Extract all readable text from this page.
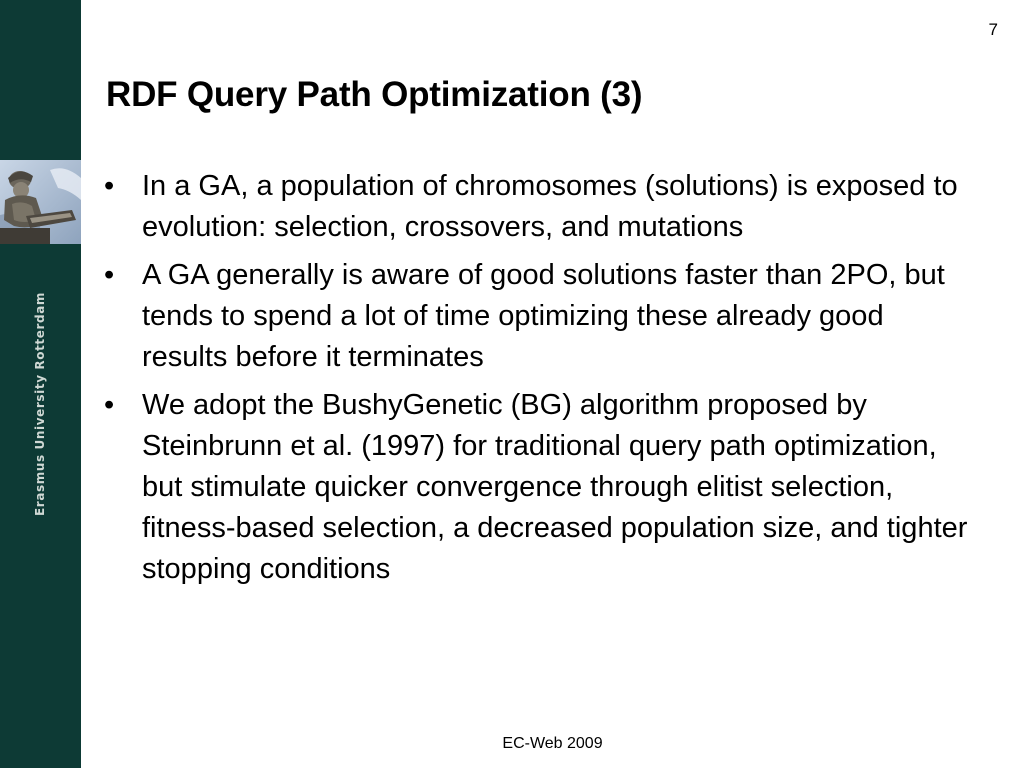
Erasmus University Rotterdam
7
RDF Query Path Optimization (3)
• In a GA, a population of chromosomes (solutions) is exposed to evolution: selection, crossovers, and mutations
• A GA generally is aware of good solutions faster than 2PO, but tends to spend a lot of time optimizing these already good results before it terminates
• We adopt the BushyGenetic (BG) algorithm proposed by Steinbrunn et al. (1997) for traditional query path optimization, but stimulate quicker convergence through elitist selection, fitness-based selection, a decreased population size, and tighter stopping conditions
EC-Web 2009
